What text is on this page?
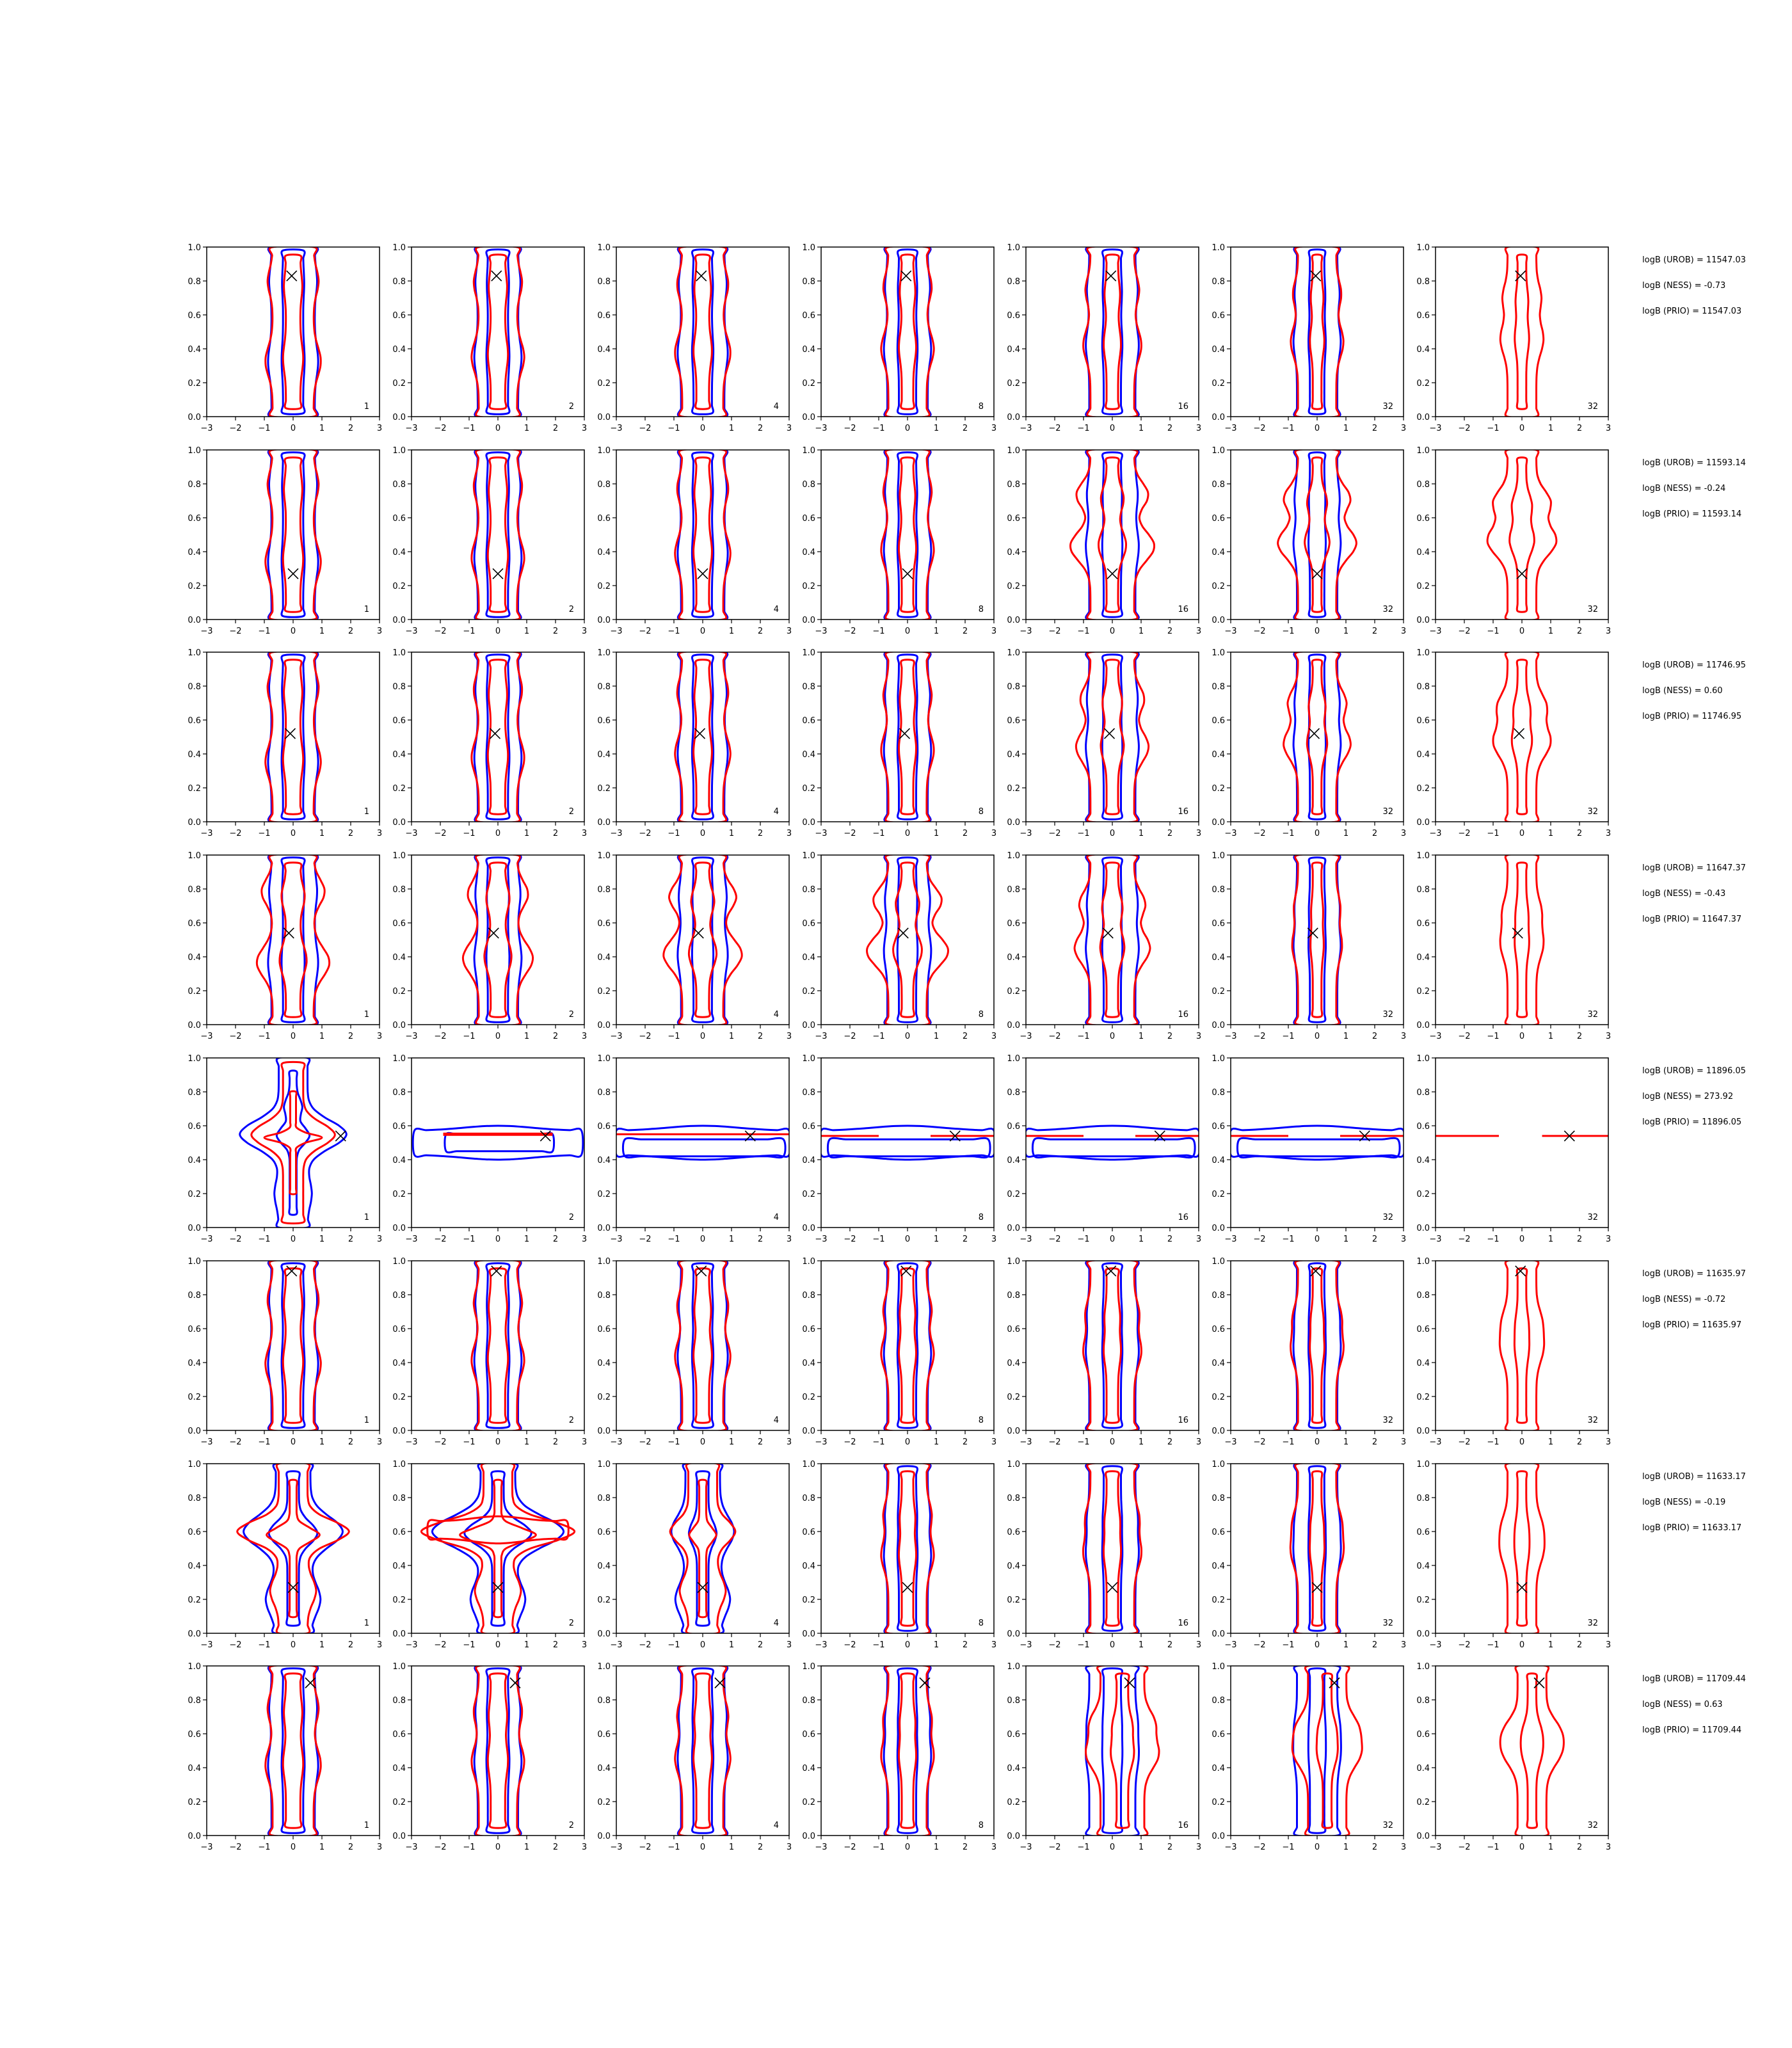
−3 −2 −1 0	1	2	3
0.0
0.2
0.4
0.6
0.8
1.0
1
−3 −2 −1 0	1	2	3
0.0
0.2
0.4
0.6
0.8
1.0
2
−3 −2 −1 0	1	2	3
0.0
0.2
0.4
0.6
0.8
1.0
4
−3 −2 −1 0	1	2	3
0.0
0.2
0.4
0.6
0.8
1.0
8
−3 −2 −1 0	1	2	3
0.0
0.2
0.4
0.6
0.8
1.0
16
−3 −2 −1 0	1	2	3
0.0
0.2
0.4
0.6
0.8
1.0
32
−3 −2 −1 0	1	2	3
0.0
0.2
0.4
0.6
0.8
1.0
32
logB (UROB) = 11547.03
logB (NESS) = -0.73
logB (PRIO) = 11547.03
−3 −2 −1 0	1	2	3
0.0
0.2
0.4
0.6
0.8
1.0
1
−3 −2 −1 0	1	2	3
0.0
0.2
0.4
0.6
0.8
1.0
2
−3 −2 −1 0	1	2	3
0.0
0.2
0.4
0.6
0.8
1.0
4
−3 −2 −1 0	1	2	3
0.0
0.2
0.4
0.6
0.8
1.0
8
−3 −2 −1 0	1	2	3
0.0
0.2
0.4
0.6
0.8
1.0
16
−3 −2 −1 0	1	2	3
0.0
0.2
0.4
0.6
0.8
1.0
32
−3 −2 −1 0	1	2	3
0.0
0.2
0.4
0.6
0.8
1.0
32
logB (UROB) = 11593.14
logB (NESS) = -0.24
logB (PRIO) = 11593.14
−3 −2 −1 0	1	2	3
0.0
0.2
0.4
0.6
0.8
1.0
1
−3 −2 −1 0	1	2	3
0.0
0.2
0.4
0.6
0.8
1.0
2
−3 −2 −1 0	1	2	3
0.0
0.2
0.4
0.6
0.8
1.0
4
−3 −2 −1 0	1	2	3
0.0
0.2
0.4
0.6
0.8
1.0
8
−3 −2 −1 0	1	2	3
0.0
0.2
0.4
0.6
0.8
1.0
16
−3 −2 −1 0	1	2	3
0.0
0.2
0.4
0.6
0.8
1.0
32
−3 −2 −1 0	1	2	3
0.0
0.2
0.4
0.6
0.8
1.0
32
logB (UROB) = 11746.95
logB (NESS) = 0.60
logB (PRIO) = 11746.95
−3 −2 −1 0	1	2	3
0.0
0.2
0.4
0.6
0.8
1.0
1
−3 −2 −1 0	1	2	3
0.0
0.2
0.4
0.6
0.8
1.0
2
−3 −2 −1 0	1	2	3
0.0
0.2
0.4
0.6
0.8
1.0
4
−3 −2 −1 0	1	2	3
0.0
0.2
0.4
0.6
0.8
1.0
8
−3 −2 −1 0	1	2	3
0.0
0.2
0.4
0.6
0.8
1.0
16
−3 −2 −1 0	1	2	3
0.0
0.2
0.4
0.6
0.8
1.0
32
−3 −2 −1 0	1	2	3
0.0
0.2
0.4
0.6
0.8
1.0
32
logB (UROB) = 11647.37
logB (NESS) = -0.43
logB (PRIO) = 11647.37
−3 −2 −1 0	1	2	3
0.0
0.2
0.4
0.6
0.8
1.0
1
−3 −2 −1 0	1	2	3
0.0
0.2
0.4
0.6
0.8
1.0
2
−3 −2 −1 0	1	2	3
0.0
0.2
0.4
0.6
0.8
1.0
4
−3 −2 −1 0	1	2	3
0.0
0.2
0.4
0.6
0.8
1.0
8
−3 −2 −1 0	1	2	3
0.0
0.2
0.4
0.6
0.8
1.0
16
−3 −2 −1 0	1	2	3
0.0
0.2
0.4
0.6
0.8
1.0
32
−3 −2 −1 0	1	2	3
0.0
0.2
0.4
0.6
0.8
1.0
32
logB (UROB) = 11896.05
logB (NESS) = 273.92
logB (PRIO) = 11896.05
−3 −2 −1 0	1	2	3
0.0
0.2
0.4
0.6
0.8
1.0
1
−3 −2 −1 0	1	2	3
0.0
0.2
0.4
0.6
0.8
1.0
2
−3 −2 −1 0	1	2	3
0.0
0.2
0.4
0.6
0.8
1.0
4
−3 −2 −1 0	1	2	3
0.0
0.2
0.4
0.6
0.8
1.0
8
−3 −2 −1 0	1	2	3
0.0
0.2
0.4
0.6
0.8
1.0
16
−3 −2 −1 0	1	2	3
0.0
0.2
0.4
0.6
0.8
1.0
32
−3 −2 −1 0	1	2	3
0.0
0.2
0.4
0.6
0.8
1.0
32
logB (UROB) = 11635.97
logB (NESS) = -0.72
logB (PRIO) = 11635.97
−3 −2 −1 0	1	2	3
0.0
0.2
0.4
0.6
0.8
1.0
1
−3 −2 −1 0	1	2	3
0.0
0.2
0.4
0.6
0.8
1.0
2
−3 −2 −1 0	1	2	3
0.0
0.2
0.4
0.6
0.8
1.0
4
−3 −2 −1 0	1	2	3
0.0
0.2
0.4
0.6
0.8
1.0
8
−3 −2 −1 0	1	2	3
0.0
0.2
0.4
0.6
0.8
1.0
16
−3 −2 −1 0	1	2	3
0.0
0.2
0.4
0.6
0.8
1.0
32
−3 −2 −1 0	1	2	3
0.0
0.2
0.4
0.6
0.8
1.0
32
logB (UROB) = 11633.17
logB (NESS) = -0.19
logB (PRIO) = 11633.17
−3 −2 −1 0	1	2	3
0.0
0.2
0.4
0.6
0.8
1.0
1
−3 −2 −1 0	1	2	3
0.0
0.2
0.4
0.6
0.8
1.0
2
−3 −2 −1 0	1	2	3
0.0
0.2
0.4
0.6
0.8
1.0
4
−3 −2 −1 0	1	2	3
0.0
0.2
0.4
0.6
0.8
1.0
8
−3 −2 −1 0	1	2	3
0.0
0.2
0.4
0.6
0.8
1.0
16
−3 −2 −1 0	1	2	3
0.0
0.2
0.4
0.6
0.8
1.0
32
−3 −2 −1 0	1	2	3
0.0
0.2
0.4
0.6
0.8
1.0
32
logB (UROB) = 11709.44
logB (NESS) = 0.63
logB (PRIO) = 11709.44
